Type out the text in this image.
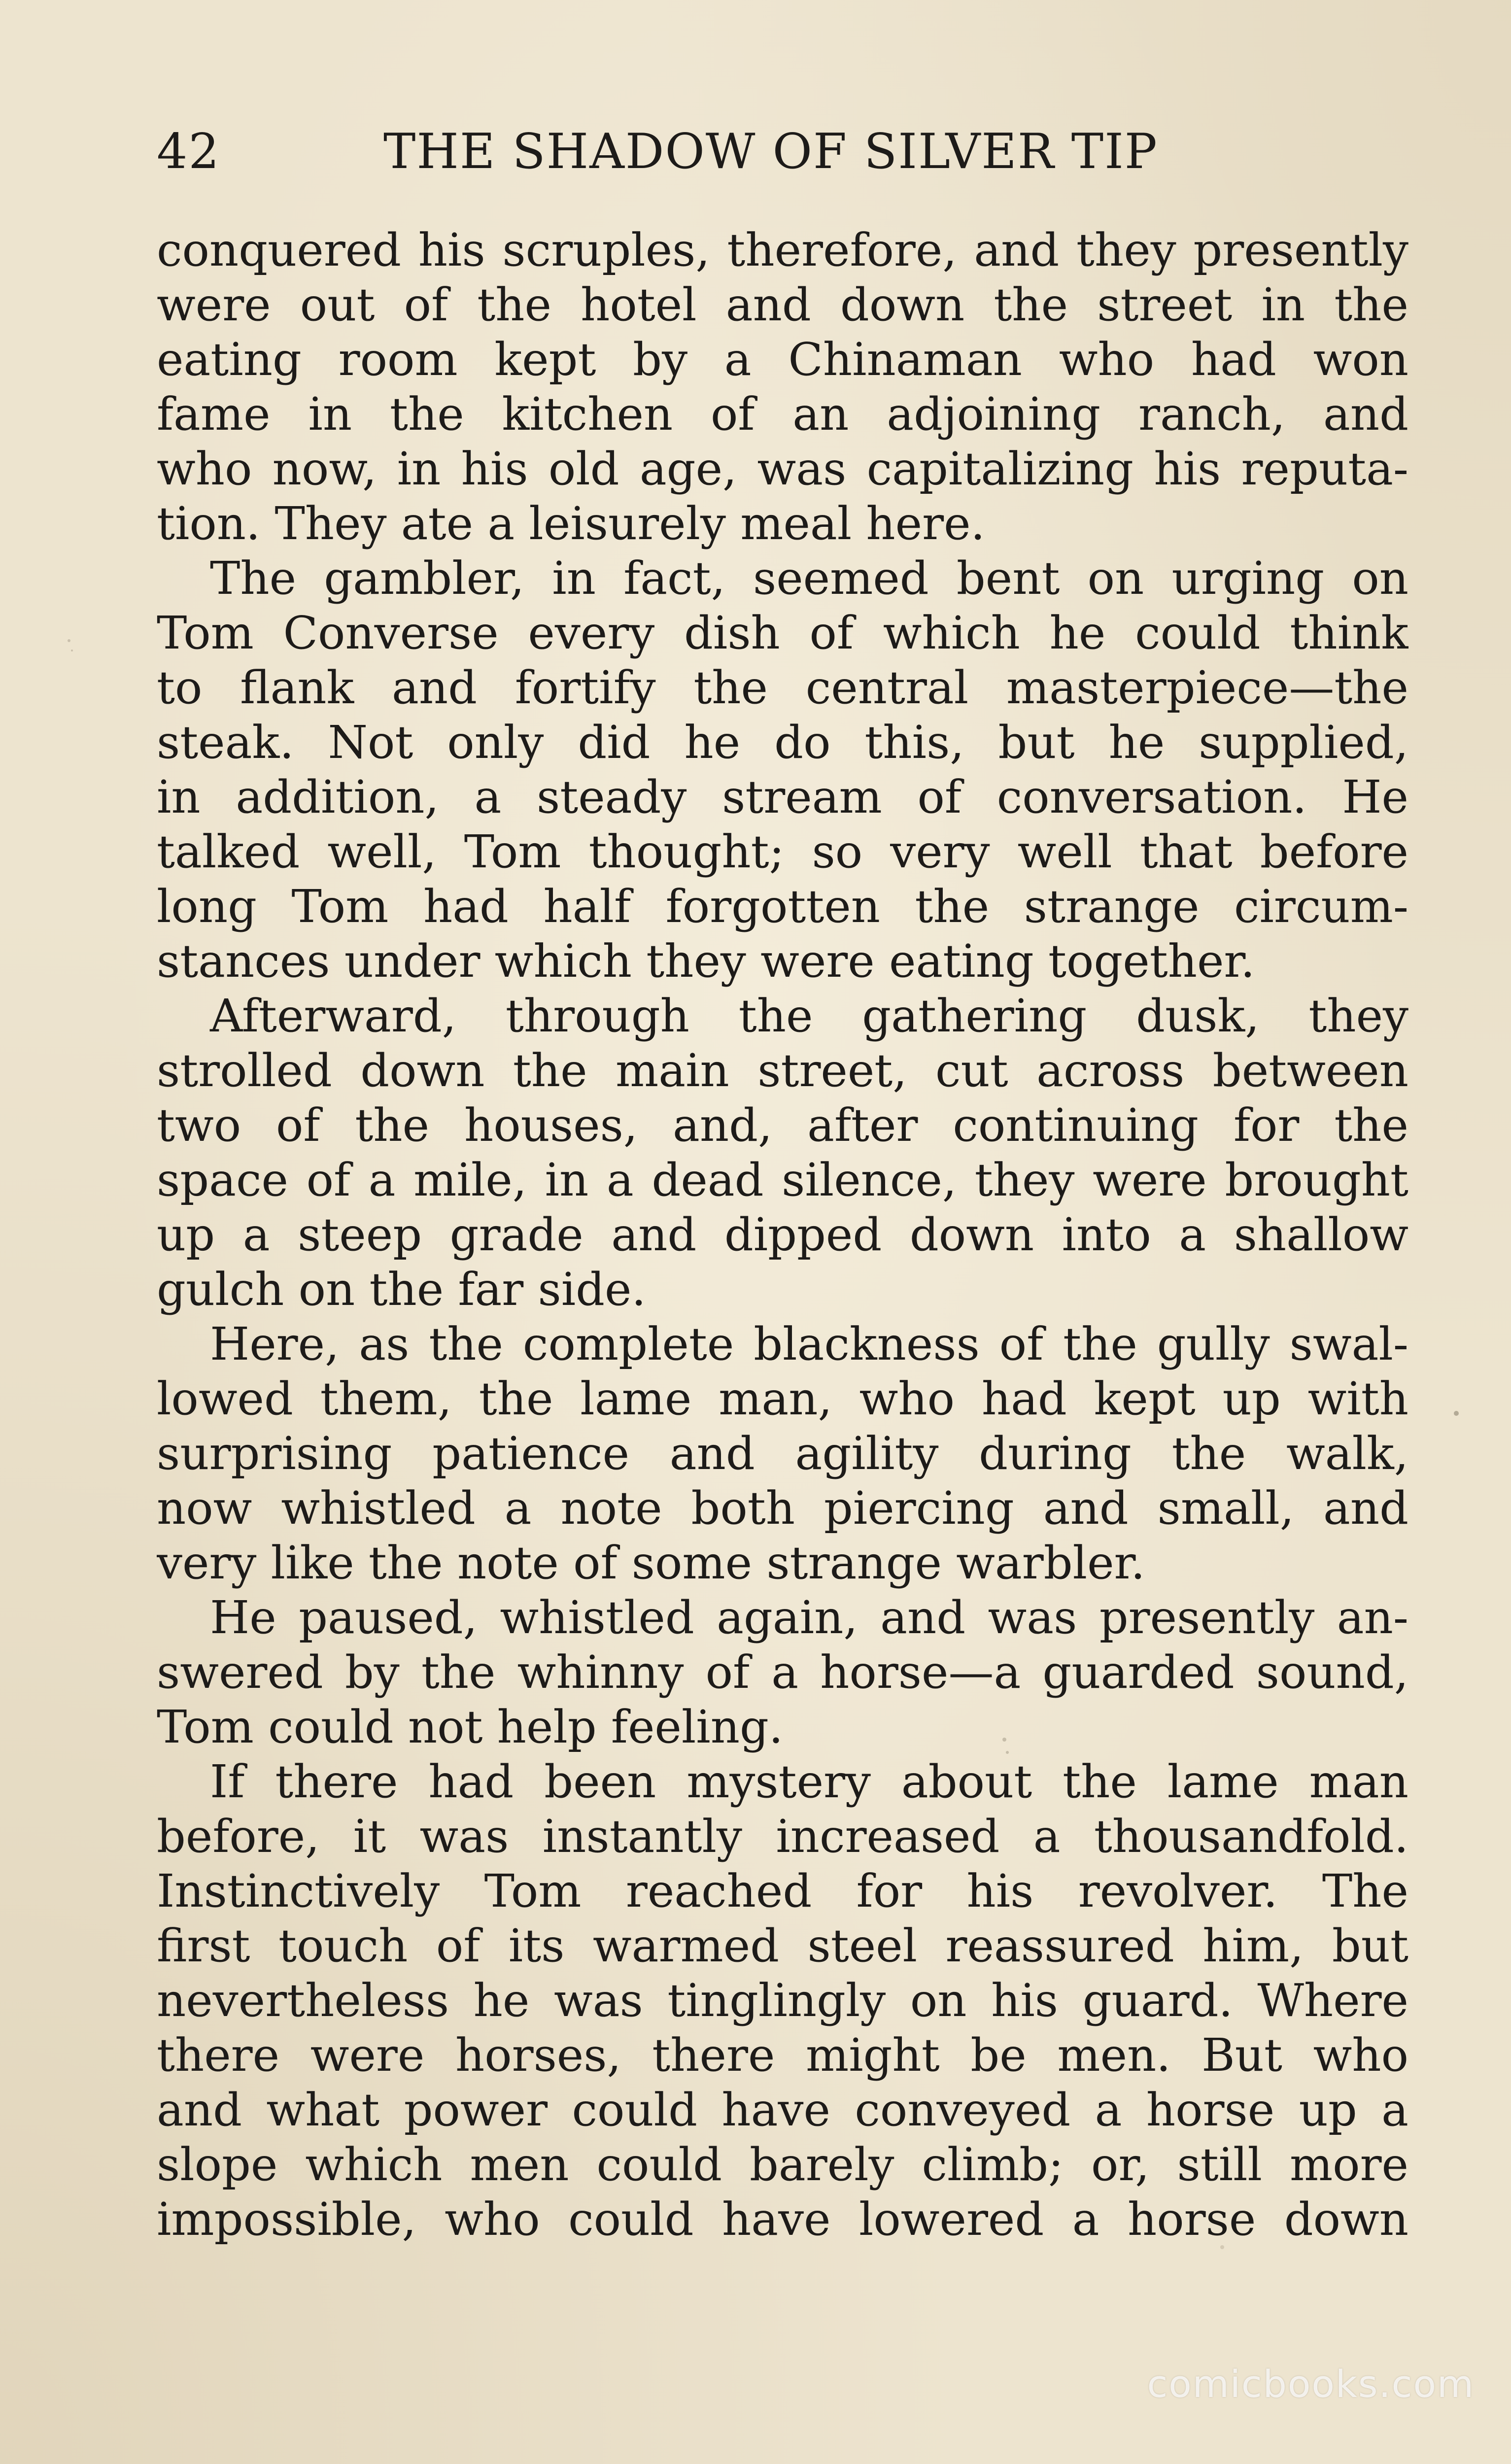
42	THE SHADOW OF SILVER TIP
conquered his scruples, therefore, and they presently
were out of the hotel and down the street in the
eating room kept by a Chinaman who had won
fame in the kitchen of an adjoining ranch, and
who now, in his old age, was capitalizing his reputa-
tion. They ate a leisurely meal here.
The gambler, in fact, seemed bent on urging on
Tom Converse every dish of which he could think
to flank and fortify the central masterpiece—the
steak. Not only did he do this, but he supplied,
in addition, a steady stream of conversation. He
talked well, Tom thought; so very well that before
long Tom had half forgotten the strange circum-
stances under which they were eating together.
Afterward, through the gathering dusk, they
strolled down the main street, cut across between
two of the houses, and, after continuing for the
space of a mile, in a dead silence, they were brought
up a steep grade and dipped down into a shallow
gulch on the far side.
Here, as the complete blackness of the gully swal-
lowed them, the lame man, who had kept up with
surprising patience and agility during the walk,
now whistled a note both piercing and small, and
very like the note of some strange warbler.
He paused, whistled again, and was presently an-
swered by the whinny of a horse—a guarded sound,
Tom could not help feeling.
If there had been mystery about the lame man
before, it was instantly increased a thousandfold.
Instinctively Tom reached for his revolver. The
first touch of its warmed steel reassured him, but
nevertheless he was tinglingly on his guard. Where
there were horses, there might be men. But who
and what power could have conveyed a horse up a
slope which men could barely climb; or, still more
impossible, who could have lowered a horse down
comicbooks.com
